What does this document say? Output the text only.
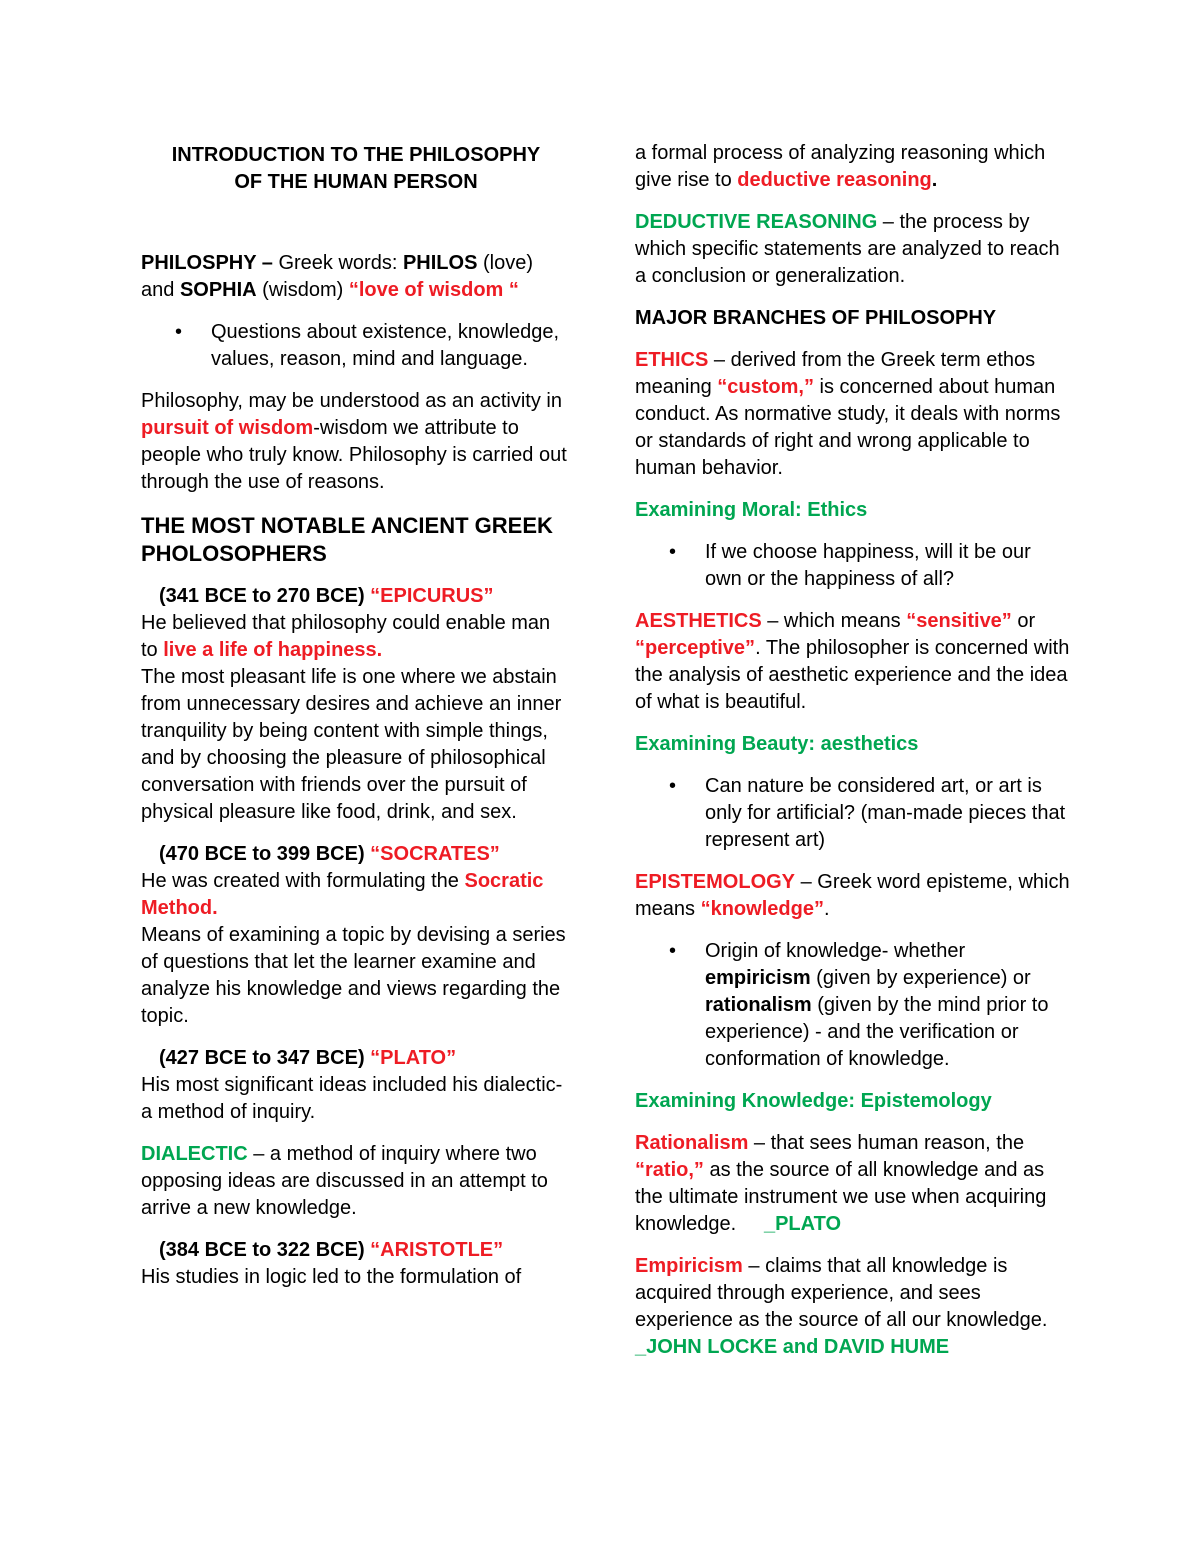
INTRODUCTION TO THE PHILOSOPHY
OF THE HUMAN PERSON

PHILOSPHY – Greek words: PHILOS (love) and SOPHIA (wisdom) “love of wisdom “

• Questions about existence, knowledge, values, reason, mind and language.

Philosophy, may be understood as an activity in pursuit of wisdom-wisdom we attribute to people who truly know. Philosophy is carried out through the use of reasons.

THE MOST NOTABLE ANCIENT GREEK PHOLOSOPHERS

(341 BCE to 270 BCE) “EPICURUS”
He believed that philosophy could enable man to live a life of happiness.
The most pleasant life is one where we abstain from unnecessary desires and achieve an inner tranquility by being content with simple things, and by choosing the pleasure of philosophical conversation with friends over the pursuit of physical pleasure like food, drink, and sex.

(470 BCE to 399 BCE) “SOCRATES”
He was created with formulating the Socratic Method.
Means of examining a topic by devising a series of questions that let the learner examine and analyze his knowledge and views regarding the topic.

(427 BCE to 347 BCE) “PLATO”
His most significant ideas included his dialectic- a method of inquiry.

DIALECTIC – a method of inquiry where two opposing ideas are discussed in an attempt to arrive a new knowledge.

(384 BCE to 322 BCE) “ARISTOTLE”
His studies in logic led to the formulation of

a formal process of analyzing reasoning which give rise to deductive reasoning.

DEDUCTIVE REASONING – the process by which specific statements are analyzed to reach a conclusion or generalization.

MAJOR BRANCHES OF PHILOSOPHY

ETHICS – derived from the Greek term ethos meaning “custom,” is concerned about human conduct. As normative study, it deals with norms or standards of right and wrong applicable to human behavior.

Examining Moral: Ethics

• If we choose happiness, will it be our own or the happiness of all?

AESTHETICS – which means “sensitive” or “perceptive”. The philosopher is concerned with the analysis of aesthetic experience and the idea of what is beautiful.

Examining Beauty: aesthetics

• Can nature be considered art, or art is only for artificial? (man-made pieces that represent art)

EPISTEMOLOGY – Greek word episteme, which means “knowledge”.

• Origin of knowledge- whether empiricism (given by experience) or rationalism (given by the mind prior to experience) - and the verification or conformation of knowledge.

Examining Knowledge: Epistemology

Rationalism – that sees human reason, the “ratio,” as the source of all knowledge and as the ultimate instrument we use when acquiring knowledge.     _PLATO

Empiricism – claims that all knowledge is acquired through experience, and sees experience as the source of all our knowledge.
_JOHN LOCKE and DAVID HUME
